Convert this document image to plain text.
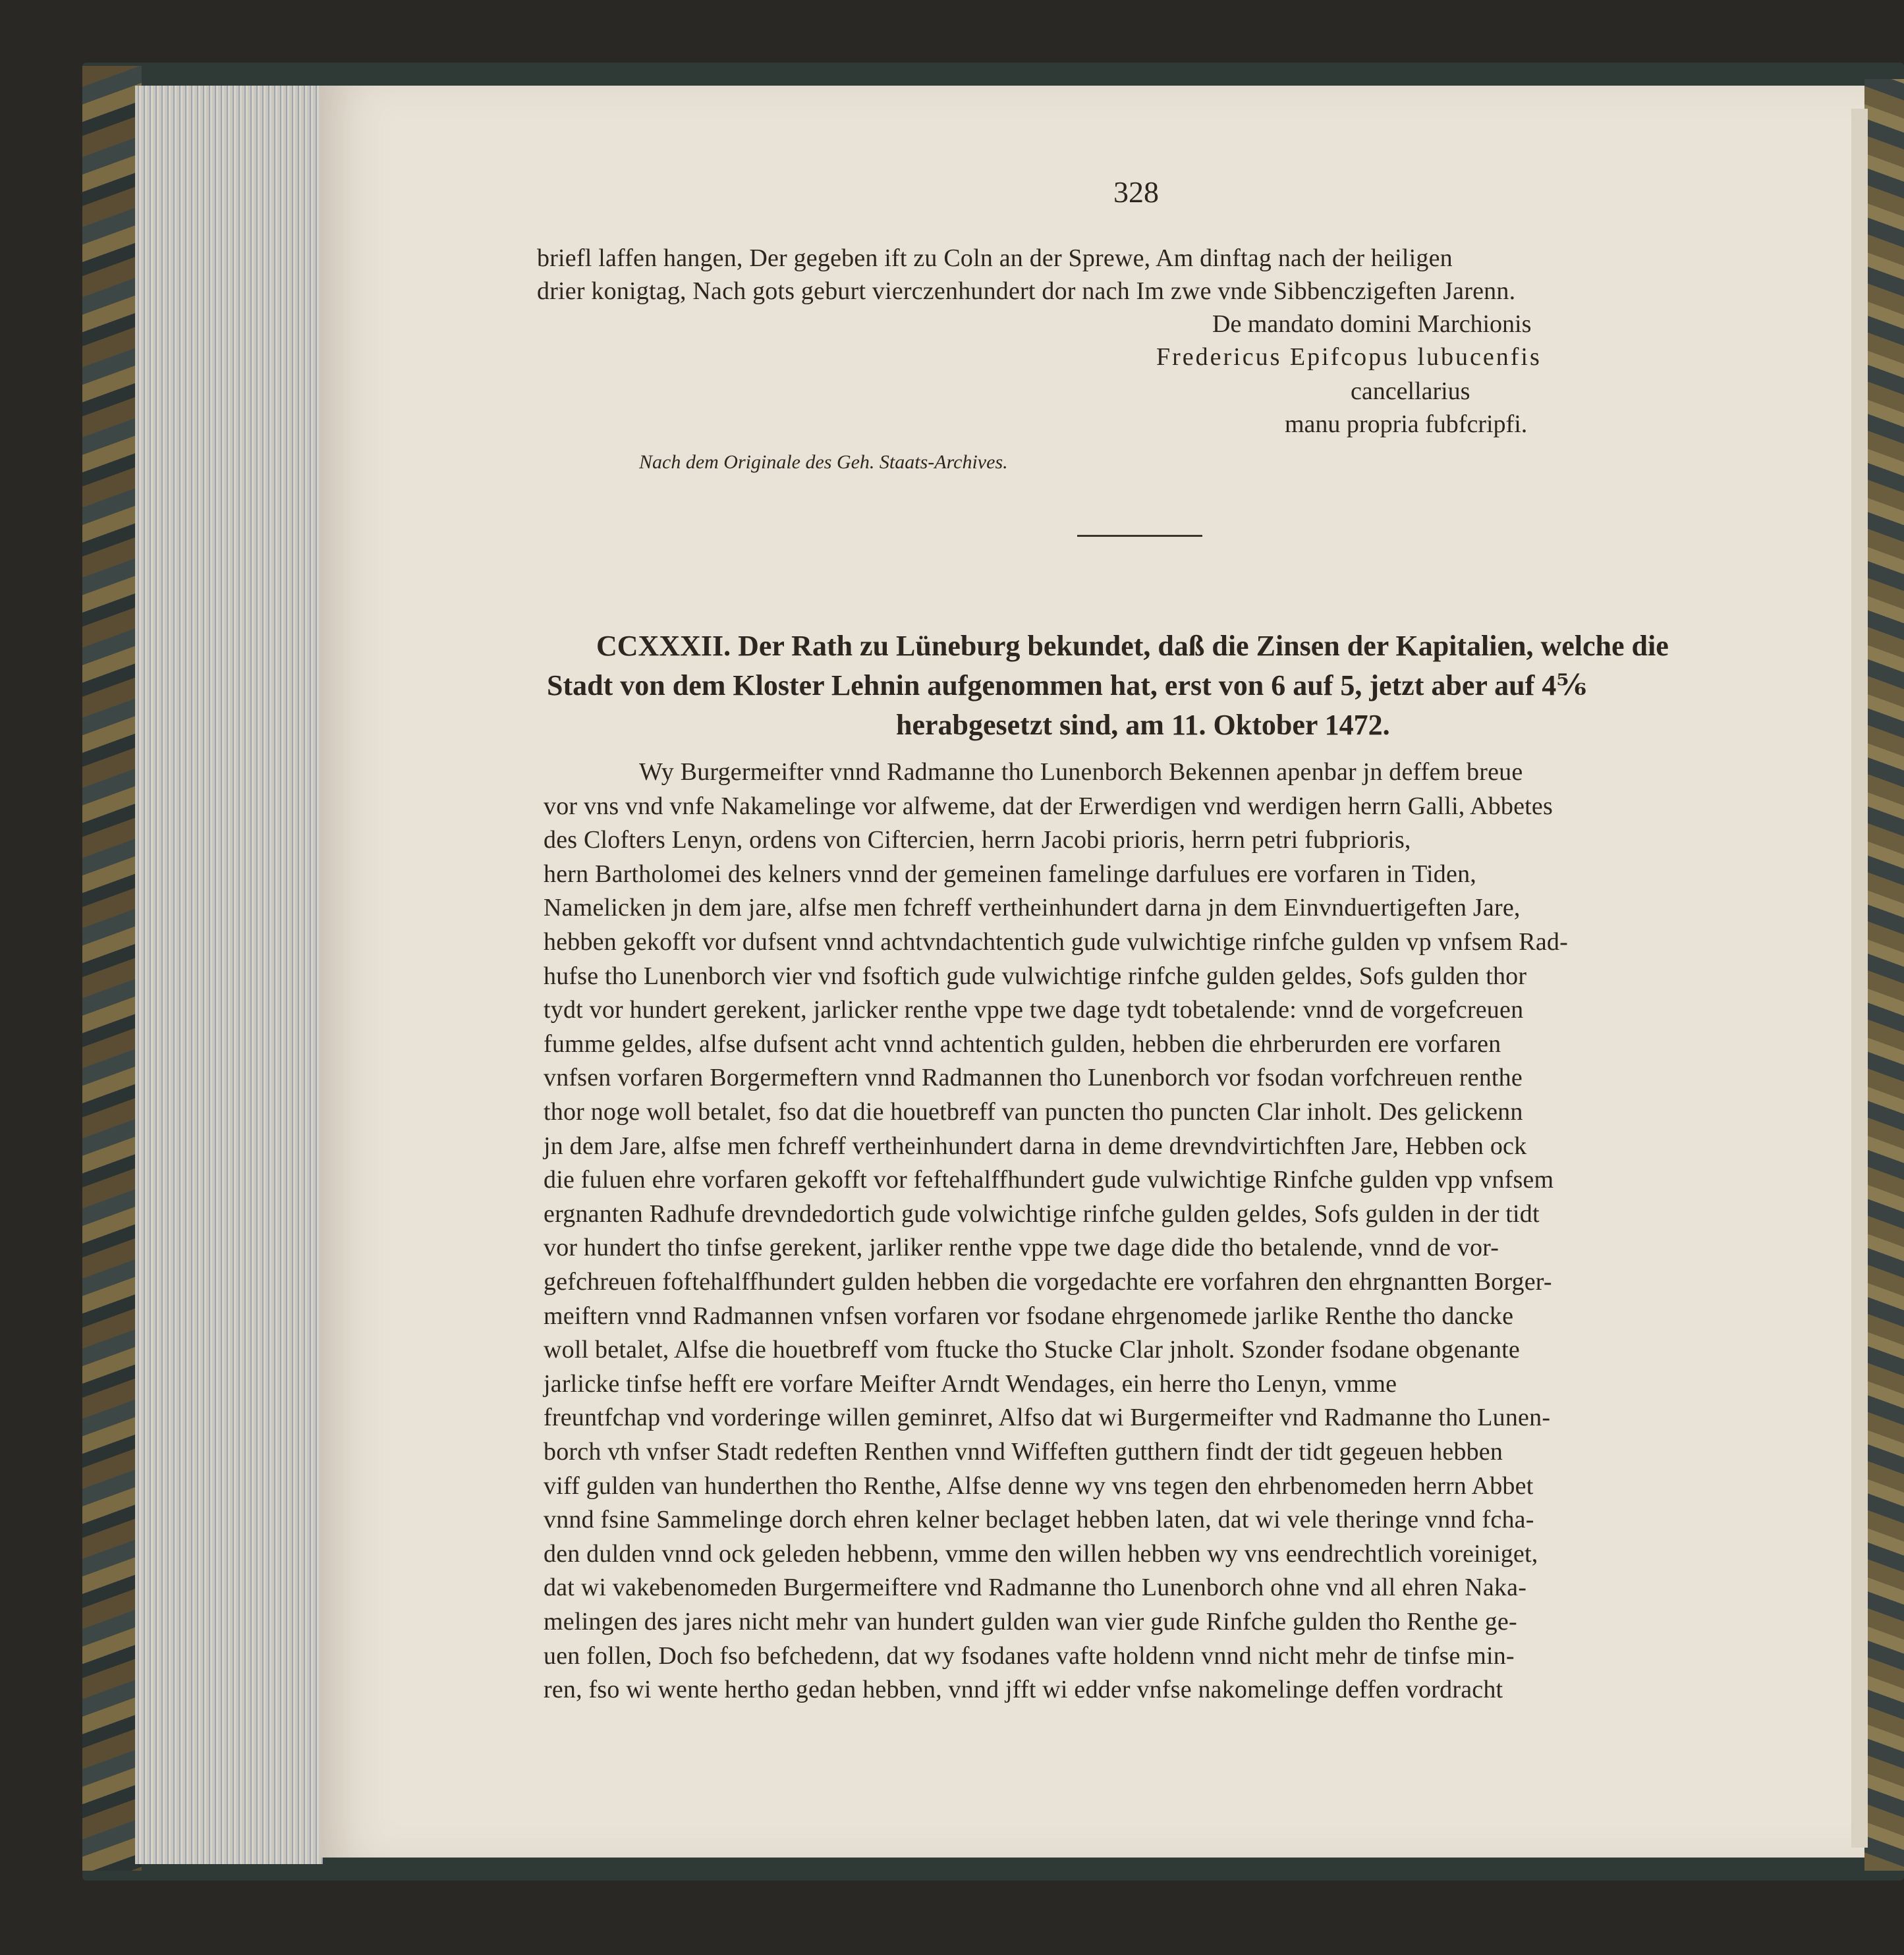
328
briefl laffen hangen, Der gegeben ift zu Coln an der Sprewe, Am dinftag nach der heiligen
drier konigtag, Nach gots geburt vierczenhundert dor nach Im zwe vnde Sibbenczigeften Jarenn.
De mandato domini Marchionis
Fredericus Epifcopus lubucenfis
cancellarius
manu propria fubfcripfi.
Nach dem Originale des Geh. Staats-Archives.
CCXXXII. Der Rath zu Lüneburg bekundet, daß die Zinsen der Kapitalien, welche die
Stadt von dem Kloster Lehnin aufgenommen hat, erst von 6 auf 5, jetzt aber auf 4⅚
herabgesetzt sind, am 11. Oktober 1472.
Wy Burgermeifter vnnd Radmanne tho Lunenborch Bekennen apenbar jn deffem breue
vor vns vnd vnfe Nakamelinge vor alfweme, dat der Erwerdigen vnd werdigen herrn Galli, Abbetes
des Clofters Lenyn, ordens von Ciftercien, herrn Jacobi prioris, herrn petri fubprioris,
hern Bartholomei des kelners vnnd der gemeinen famelinge darfulues ere vorfaren in Tiden,
Namelicken jn dem jare, alfse men fchreff vertheinhundert darna jn dem Einvnduertigeften Jare,
hebben gekofft vor dufsent vnnd achtvndachtentich gude vulwichtige rinfche gulden vp vnfsem Rad-
hufse tho Lunenborch vier vnd fsoftich gude vulwichtige rinfche gulden geldes, Sofs gulden thor
tydt vor hundert gerekent, jarlicker renthe vppe twe dage tydt tobetalende: vnnd de vorgefcreuen
fumme geldes, alfse dufsent acht vnnd achtentich gulden, hebben die ehrberurden ere vorfaren
vnfsen vorfaren Borgermeftern vnnd Radmannen tho Lunenborch vor fsodan vorfchreuen renthe
thor noge woll betalet, fso dat die houetbreff van puncten tho puncten Clar inholt. Des gelickenn
jn dem Jare, alfse men fchreff vertheinhundert darna in deme drevndvirtichften Jare, Hebben ock
die fuluen ehre vorfaren gekofft vor feftehalffhundert gude vulwichtige Rinfche gulden vpp vnfsem
ergnanten Radhufe drevndedortich gude volwichtige rinfche gulden geldes, Sofs gulden in der tidt
vor hundert tho tinfse gerekent, jarliker renthe vppe twe dage dide tho betalende, vnnd de vor-
gefchreuen foftehalffhundert gulden hebben die vorgedachte ere vorfahren den ehrgnantten Borger-
meiftern vnnd Radmannen vnfsen vorfaren vor fsodane ehrgenomede jarlike Renthe tho dancke
woll betalet, Alfse die houetbreff vom ftucke tho Stucke Clar jnholt. Szonder fsodane obgenante
jarlicke tinfse hefft ere vorfare Meifter Arndt Wendages, ein herre tho Lenyn, vmme
freuntfchap vnd vorderinge willen geminret, Alfso dat wi Burgermeifter vnd Radmanne tho Lunen-
borch vth vnfser Stadt redeften Renthen vnnd Wiffeften gutthern findt der tidt gegeuen hebben
viff gulden van hunderthen tho Renthe, Alfse denne wy vns tegen den ehrbenomeden herrn Abbet
vnnd fsine Sammelinge dorch ehren kelner beclaget hebben laten, dat wi vele theringe vnnd fcha-
den dulden vnnd ock geleden hebbenn, vmme den willen hebben wy vns eendrechtlich voreiniget,
dat wi vakebenomeden Burgermeiftere vnd Radmanne tho Lunenborch ohne vnd all ehren Naka-
melingen des jares nicht mehr van hundert gulden wan vier gude Rinfche gulden tho Renthe ge-
uen follen, Doch fso befchedenn, dat wy fsodanes vafte holdenn vnnd nicht mehr de tinfse min-
ren, fso wi wente hertho gedan hebben, vnnd jfft wi edder vnfse nakomelinge deffen vordracht
